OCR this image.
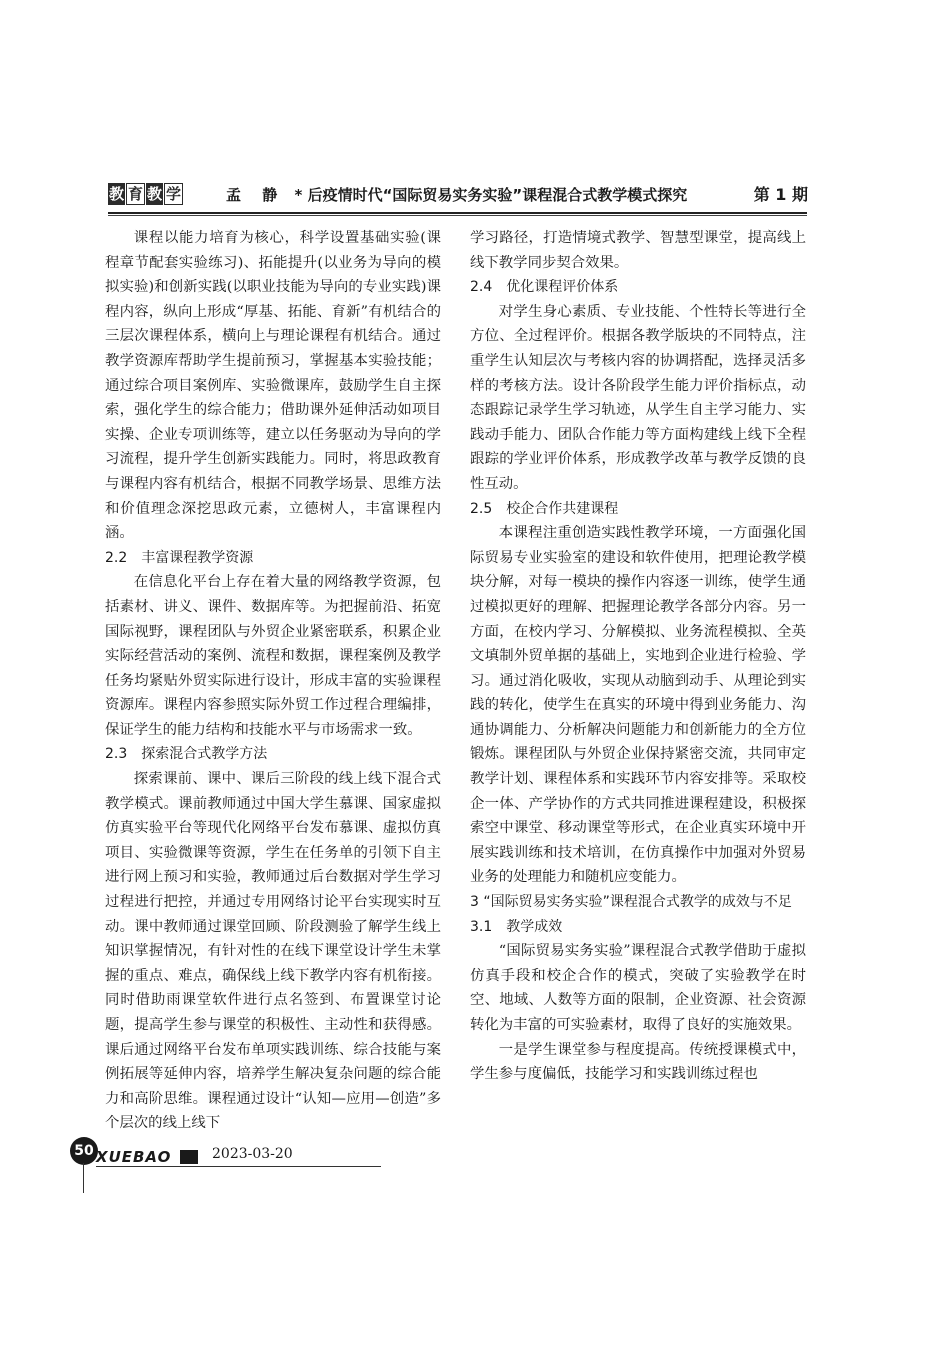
教 育 教 学	孟 静 * 后疫情时代“国际贸易实务实验”课程混合式教学模式探究	第 1 期

课程以能力培育为核心，科学设置基础实验(课程章节配套实验练习)、拓能提升(以业务为导向的模拟实验)和创新实践(以职业技能为导向的专业实践)课程内容，纵向上形成“厚基、拓能、育新”有机结合的三层次课程体系，横向上与理论课程有机结合。通过教学资源库帮助学生提前预习，掌握基本实验技能；通过综合项目案例库、实验微课库，鼓励学生自主探索，强化学生的综合能力；借助课外延伸活动如项目实操、企业专项训练等，建立以任务驱动为导向的学习流程，提升学生创新实践能力。同时，将思政教育与课程内容有机结合，根据不同教学场景、思维方法和价值理念深挖思政元素，立德树人，丰富课程内涵。

2.2　丰富课程教学资源

在信息化平台上存在着大量的网络教学资源，包括素材、讲义、课件、数据库等。为把握前沿、拓宽国际视野，课程团队与外贸企业紧密联系，积累企业实际经营活动的案例、流程和数据，课程案例及教学任务均紧贴外贸实际进行设计，形成丰富的实验课程资源库。课程内容参照实际外贸工作过程合理编排，保证学生的能力结构和技能水平与市场需求一致。

2.3　探索混合式教学方法

探索课前、课中、课后三阶段的线上线下混合式教学模式。课前教师通过中国大学生慕课、国家虚拟仿真实验平台等现代化网络平台发布慕课、虚拟仿真项目、实验微课等资源，学生在任务单的引领下自主进行网上预习和实验，教师通过后台数据对学生学习过程进行把控，并通过专用网络讨论平台实现实时互动。课中教师通过课堂回顾、阶段测验了解学生线上知识掌握情况，有针对性的在线下课堂设计学生未掌握的重点、难点，确保线上线下教学内容有机衔接。同时借助雨课堂软件进行点名签到、布置课堂讨论题，提高学生参与课堂的积极性、主动性和获得感。课后通过网络平台发布单项实践训练、综合技能与案例拓展等延伸内容，培养学生解决复杂问题的综合能力和高阶思维。课程通过设计“认知—应用—创造”多个层次的线上线下

学习路径，打造情境式教学、智慧型课堂，提高线上线下教学同步契合效果。

2.4　优化课程评价体系

对学生身心素质、专业技能、个性特长等进行全方位、全过程评价。根据各教学版块的不同特点，注重学生认知层次与考核内容的协调搭配，选择灵活多样的考核方法。设计各阶段学生能力评价指标点，动态跟踪记录学生学习轨迹，从学生自主学习能力、实践动手能力、团队合作能力等方面构建线上线下全程跟踪的学业评价体系，形成教学改革与教学反馈的良性互动。

2.5　校企合作共建课程

本课程注重创造实践性教学环境，一方面强化国际贸易专业实验室的建设和软件使用，把理论教学模块分解，对每一模块的操作内容逐一训练，使学生通过模拟更好的理解、把握理论教学各部分内容。另一方面，在校内学习、分解模拟、业务流程模拟、全英文填制外贸单据的基础上，实地到企业进行检验、学习。通过消化吸收，实现从动脑到动手、从理论到实践的转化，使学生在真实的环境中得到业务能力、沟通协调能力、分析解决问题能力和创新能力的全方位锻炼。课程团队与外贸企业保持紧密交流，共同审定教学计划、课程体系和实践环节内容安排等。采取校企一体、产学协作的方式共同推进课程建设，积极探索空中课堂、移动课堂等形式，在企业真实环境中开展实践训练和技术培训，在仿真操作中加强对外贸易业务的处理能力和随机应变能力。

3 “国际贸易实务实验”课程混合式教学的成效与不足
3.1　教学成效

“国际贸易实务实验”课程混合式教学借助于虚拟仿真手段和校企合作的模式，突破了实验教学在时空、地域、人数等方面的限制，企业资源、社会资源转化为丰富的可实验素材，取得了良好的实施效果。

一是学生课堂参与程度提高。传统授课模式中，学生参与度偏低，技能学习和实践训练过程也

50 XUEBAO	2023-03-20
